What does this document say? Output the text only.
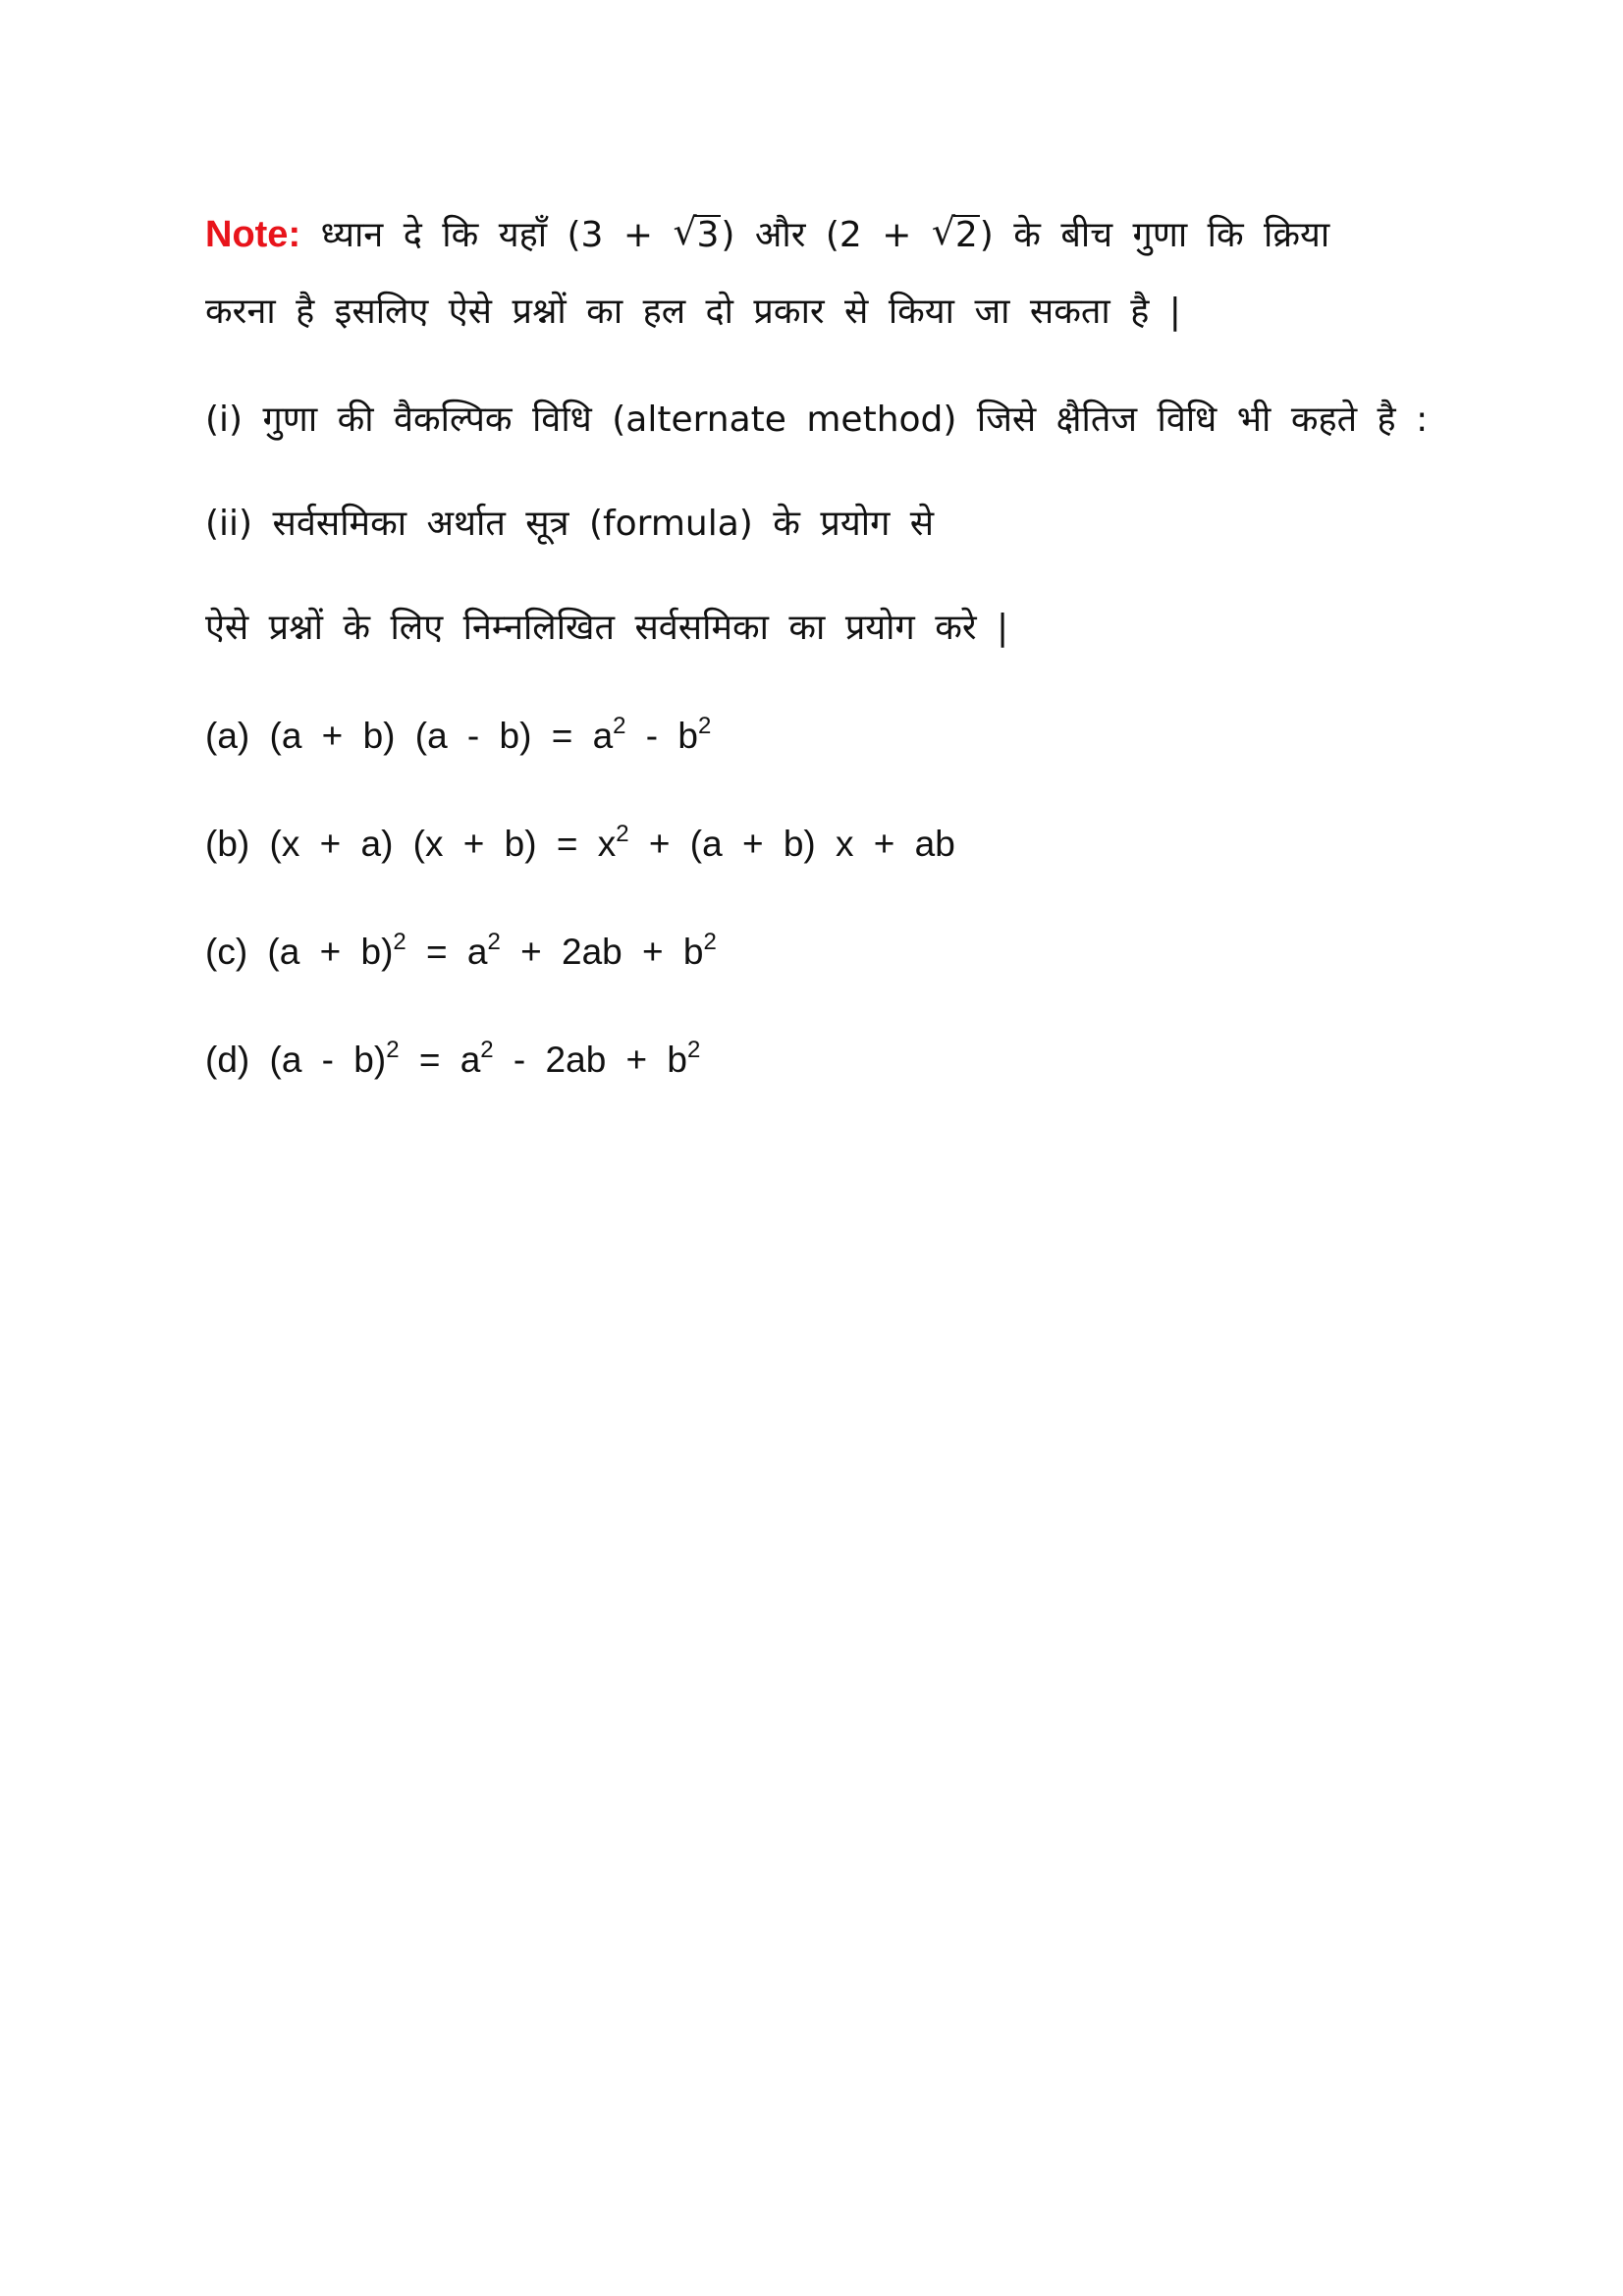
Note: ध्यान दे कि यहाँ (3 + √ 3) और (2 + √ 2) के बीच गुणा कि क्रिया
करना है इसलिए ऐसे प्रश्नों का हल दो प्रकार से किया जा सकता है |

(i) गुणा की वैकल्पिक विधि (alternate method) जिसे क्षैतिज विधि भी कहते है :

(ii) सर्वसमिका अर्थात सूत्र (formula) के प्रयोग से

ऐसे प्रश्नों के लिए निम्नलिखित सर्वसमिका का प्रयोग करे |

(a) (a + b) $(a - b) = a^2 - b^2$

(b) (x + a) $(x + b) = x^2 + (a + b) x$ + ab

(c) $(a + b)^2 = a^2 + 2ab + b^2$

(d) $(a - b)^2 = a^2 - 2ab + b^2$
